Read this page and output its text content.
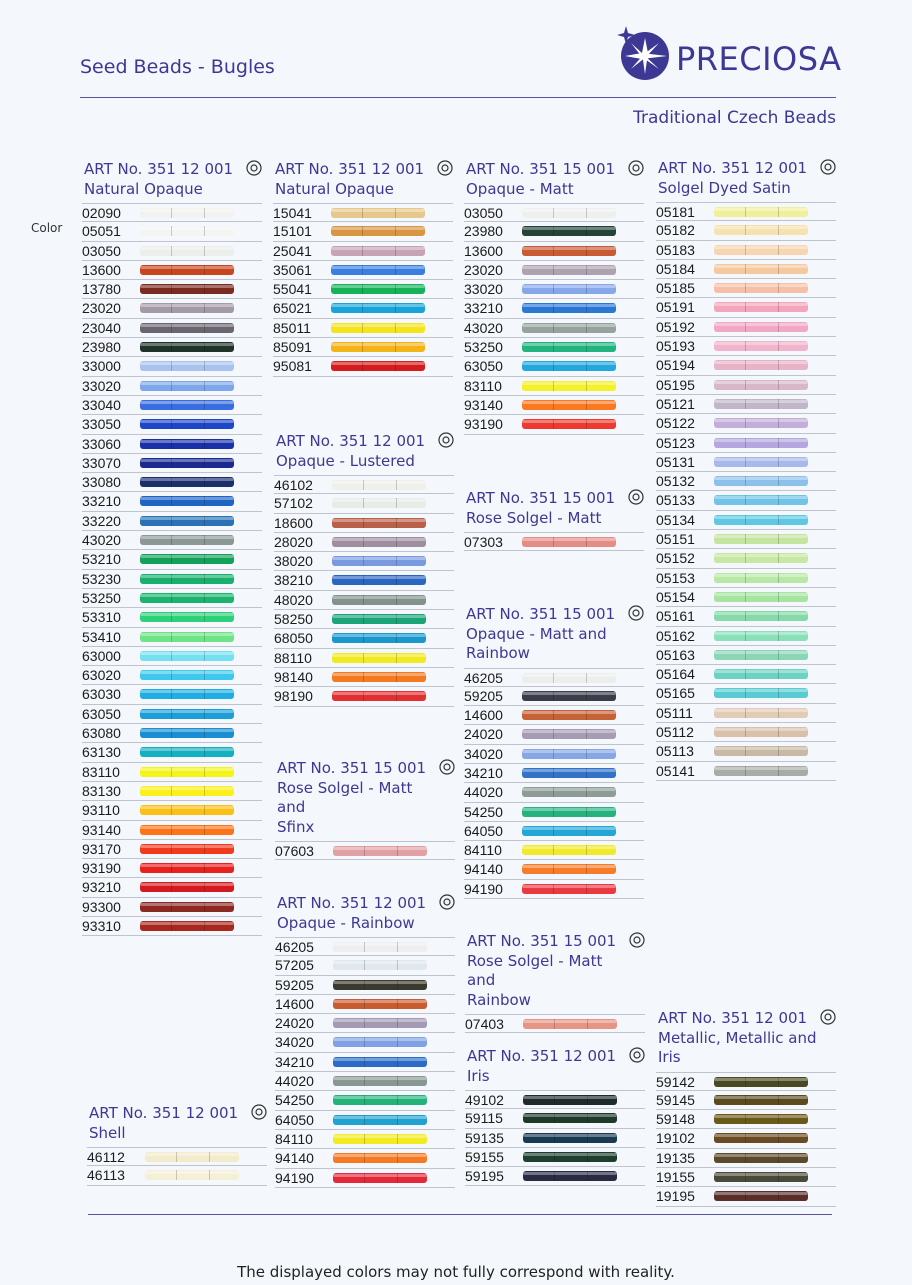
Seed Beads - Bugles	PRECIOSA
Traditional Czech Beads
Color
ART No. 351 12 001
Natural Opaque
02090
05051
03050
13600
13780
23020
23040
23980
33000
33020
33040
33050
33060
33070
33080
33210
33220
43020
53210
53230
53250
53310
53410
63000
63020
63030
63050
63080
63130
83110
83130
93110
93140
93170
93190
93210
93300
93310
ART No. 351 12 001
Natural Opaque
15041
15101
25041
35061
55041
65021
85011
85091
95081
ART No. 351 12 001
Opaque - Lustered
46102
57102
18600
28020
38020
38210
48020
58250
68050
88110
98140
98190
ART No. 351 15 001
Rose Solgel - Matt and
Sfinx
07603
ART No. 351 12 001
Opaque - Rainbow
46205
57205
59205
14600
24020
34020
34210
44020
54250
64050
84110
94140
94190
ART No. 351 15 001
Opaque - Matt
03050
23980
13600
23020
33020
33210
43020
53250
63050
83110
93140
93190
ART No. 351 15 001
Rose Solgel - Matt
07303
ART No. 351 15 001
Opaque - Matt and
Rainbow
46205
59205
14600
24020
34020
34210
44020
54250
64050
84110
94140
94190
ART No. 351 15 001
Rose Solgel - Matt and
Rainbow
07403
ART No. 351 12 001
Iris
49102
59115
59135
59155
59195
ART No. 351 12 001
Solgel Dyed Satin
05181
05182
05183
05184
05185
05191
05192
05193
05194
05195
05121
05122
05123
05131
05132
05133
05134
05151
05152
05153
05154
05161
05162
05163
05164
05165
05111
05112
05113
05141
ART No. 351 12 001
Metallic, Metallic and Iris
59142
59145
59148
19102
19135
19155
19195
ART No. 351 12 001
Shell
46112
46113
The displayed colors may not fully correspond with reality.
